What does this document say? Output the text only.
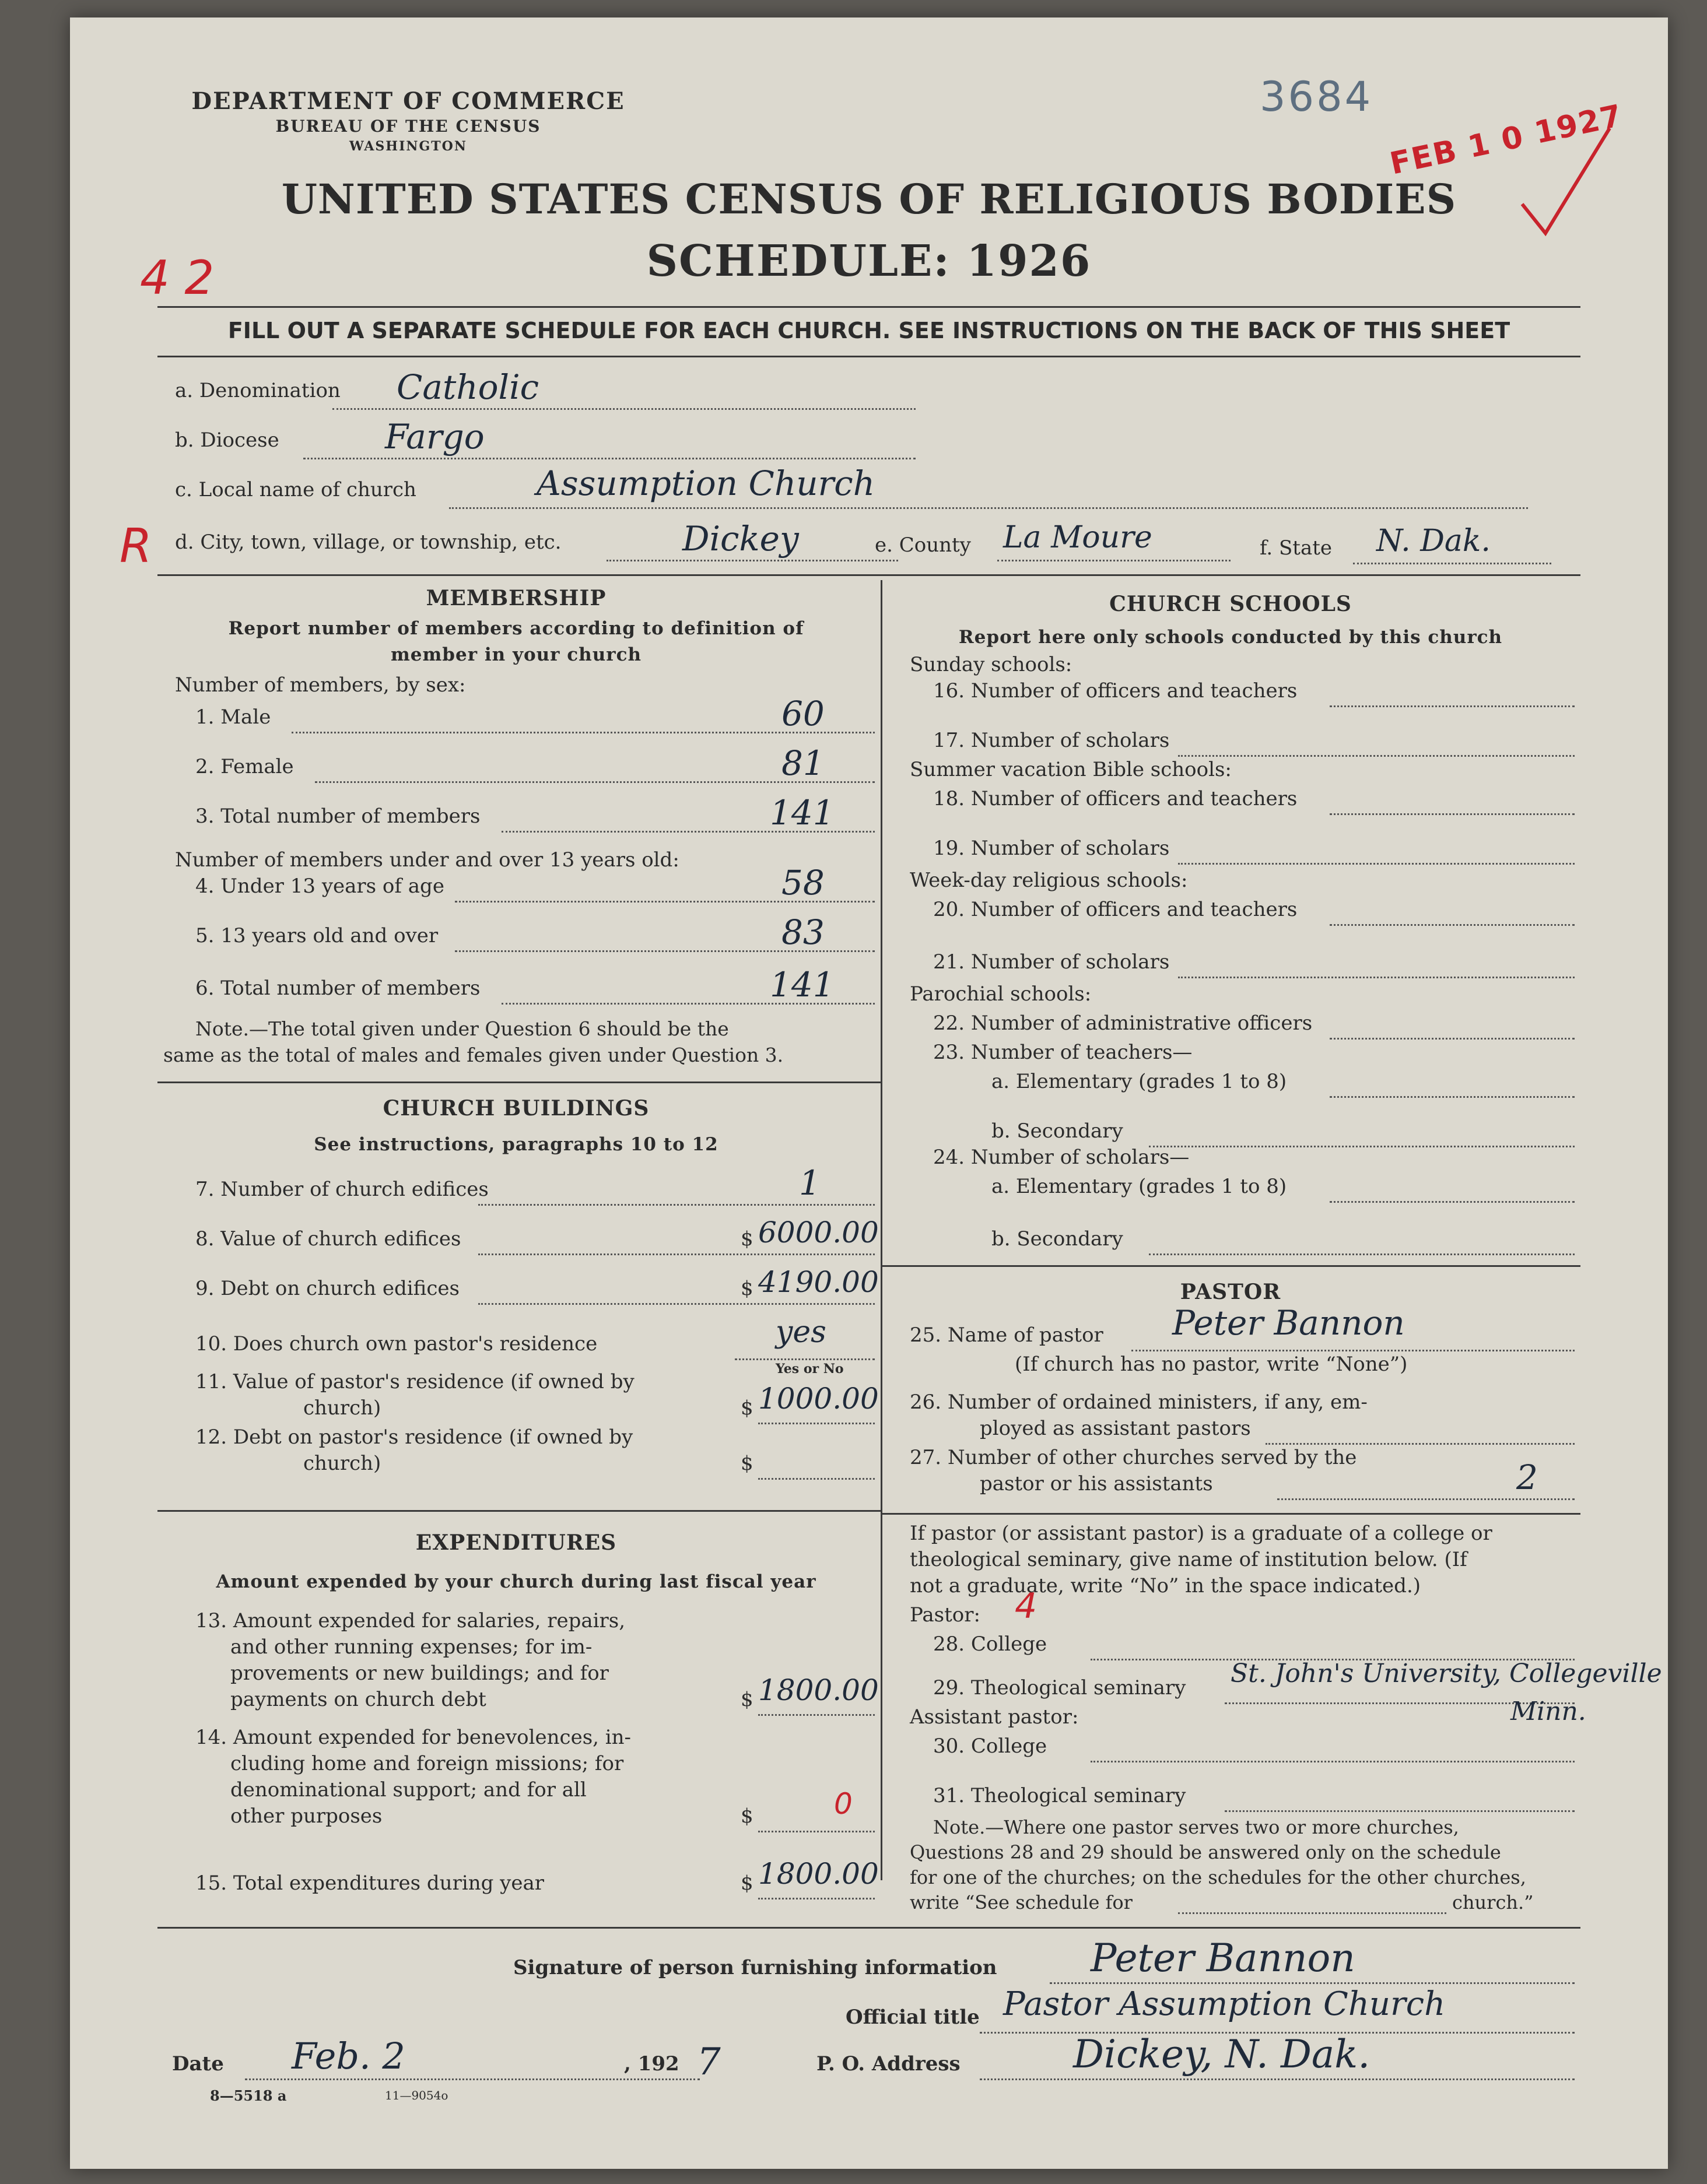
DEPARTMENT OF COMMERCE
BUREAU OF THE CENSUS
WASHINGTON
3684
FEB 1 0 1927
4 2
UNITED STATES CENSUS OF RELIGIOUS BODIES
SCHEDULE: 1926
FILL OUT A SEPARATE SCHEDULE FOR EACH CHURCH. SEE INSTRUCTIONS ON THE BACK OF THIS SHEET
a. Denomination Catholic
b. Diocese	Fargo
c. Local name of church	Assumption Church
R d. City, town, village, or township, etc.	Dickey	e. County La Moure	f. State N. Dak.
MEMBERSHIP
Report number of members according to definition of
member in your church
Number of members, by sex:
1. Male	60
2. Female	81
3. Total number of members	141
Number of members under and over 13 years old:
4. Under 13 years of age	58
5. 13 years old and over	83
6. Total number of members	141
Note.—The total given under Question 6 should be the
same as the total of males and females given under Question 3.
CHURCH BUILDINGS
See instructions, paragraphs 10 to 12
7. Number of church edifices	1
8. Value of church edifices	$ 6000.00
9. Debt on church edifices	$ 4190.00
10. Does church own pastor's residence	yes
Yes or No
11. Value of pastor's residence (if owned by
church)	$ 1000.00
12. Debt on pastor's residence (if owned by
church)	$
EXPENDITURES
Amount expended by your church during last fiscal year
13. Amount expended for salaries, repairs,
and other running expenses; for im-
provements or new buildings; and for
payments on church debt	$ 1800.00
14. Amount expended for benevolences, in-
cluding home and foreign missions; for
denominational support; and for all
other purposes	$	0
15. Total expenditures during year	$ 1800.00
CHURCH SCHOOLS
Report here only schools conducted by this church
Sunday schools:
16. Number of officers and teachers
17. Number of scholars
Summer vacation Bible schools:
18. Number of officers and teachers
19. Number of scholars
Week-day religious schools:
20. Number of officers and teachers
21. Number of scholars
Parochial schools:
22. Number of administrative officers
23. Number of teachers—
a. Elementary (grades 1 to 8)
b. Secondary
24. Number of scholars—
a. Elementary (grades 1 to 8)
b. Secondary
PASTOR
25. Name of pastor Peter Bannon
(If church has no pastor, write “None”)
26. Number of ordained ministers, if any, em-
ployed as assistant pastors
27. Number of other churches served by the
pastor or his assistants	2
If pastor (or assistant pastor) is a graduate of a college or
theological seminary, give name of institution below. (If
not a graduate, write “No” in the space indicated.)
Pastor: 4
28. College
29. Theological seminary St. John's University, Collegeville
Minn.
Assistant pastor:
30. College
31. Theological seminary
Note.—Where one pastor serves two or more churches,
Questions 28 and 29 should be answered only on the schedule
for one of the churches; on the schedules for the other churches,
write “See schedule for	church.”
Signature of person furnishing information Peter Bannon
Official title Pastor Assumption Church
Date Feb. 2	, 192 7	P. O. Address	Dickey, N. Dak.
8—5518 a	11—9054o
